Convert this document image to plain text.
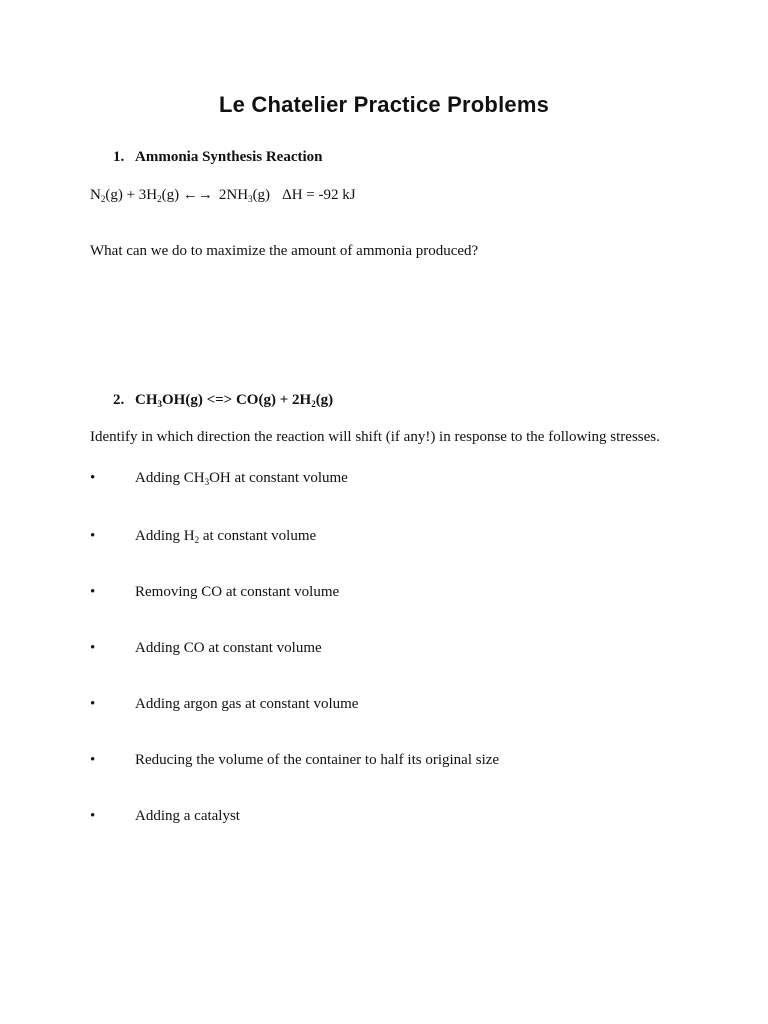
Le Chatelier Practice Problems
1. Ammonia Synthesis Reaction
$N_2(g) + 3H_2(g)$ ←→ $2NH_3(g) \Delta H = -92$ kJ
What can we do to maximize the amount of ammonia produced?
2. $CH_3OH(g)$ <=> $CO(g) + 2H_2(g)$
Identify in which direction the reaction will shift (if any!) in response to the following stresses.
•	Adding $CH_3OH$ at constant volume
•	Adding $H_2$ at constant volume
•	Removing CO at constant volume
•	Adding CO at constant volume
•	Adding argon gas at constant volume
•	Reducing the volume of the container to half its original size
•	Adding a catalyst
